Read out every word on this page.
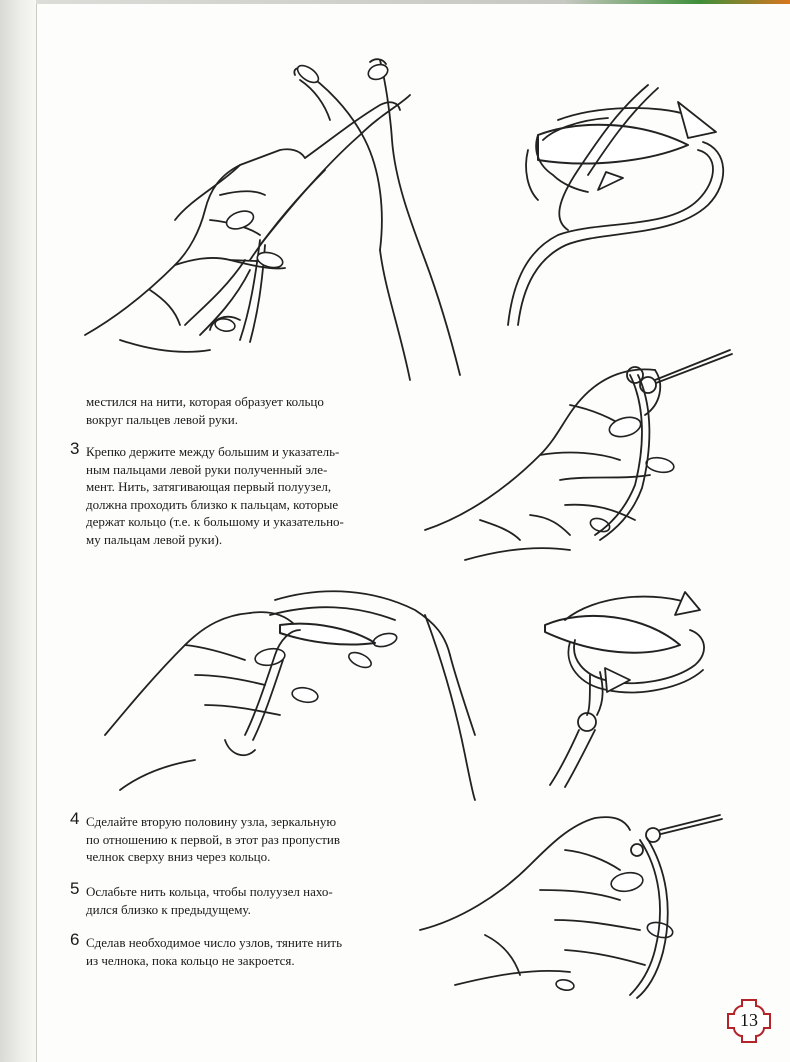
местился на нити, которая образует кольцо
вокруг пальцев левой руки.
3 Крепко держите между большим и указатель-
ным пальцами левой руки полученный эле-
мент. Нить, затягивающая первый полуузел,
должна проходить близко к пальцам, которые
держат кольцо (т.е. к большому и указательно-
му пальцам левой руки).
4 Сделайте вторую половину узла, зеркальную
по отношению к первой, в этот раз пропустив
челнок сверху вниз через кольцо.
5 Ослабьте нить кольца, чтобы полуузел нахо-
дился близко к предыдущему.
6 Сделав необходимое число узлов, тяните нить
из челнока, пока кольцо не закроется.
13
